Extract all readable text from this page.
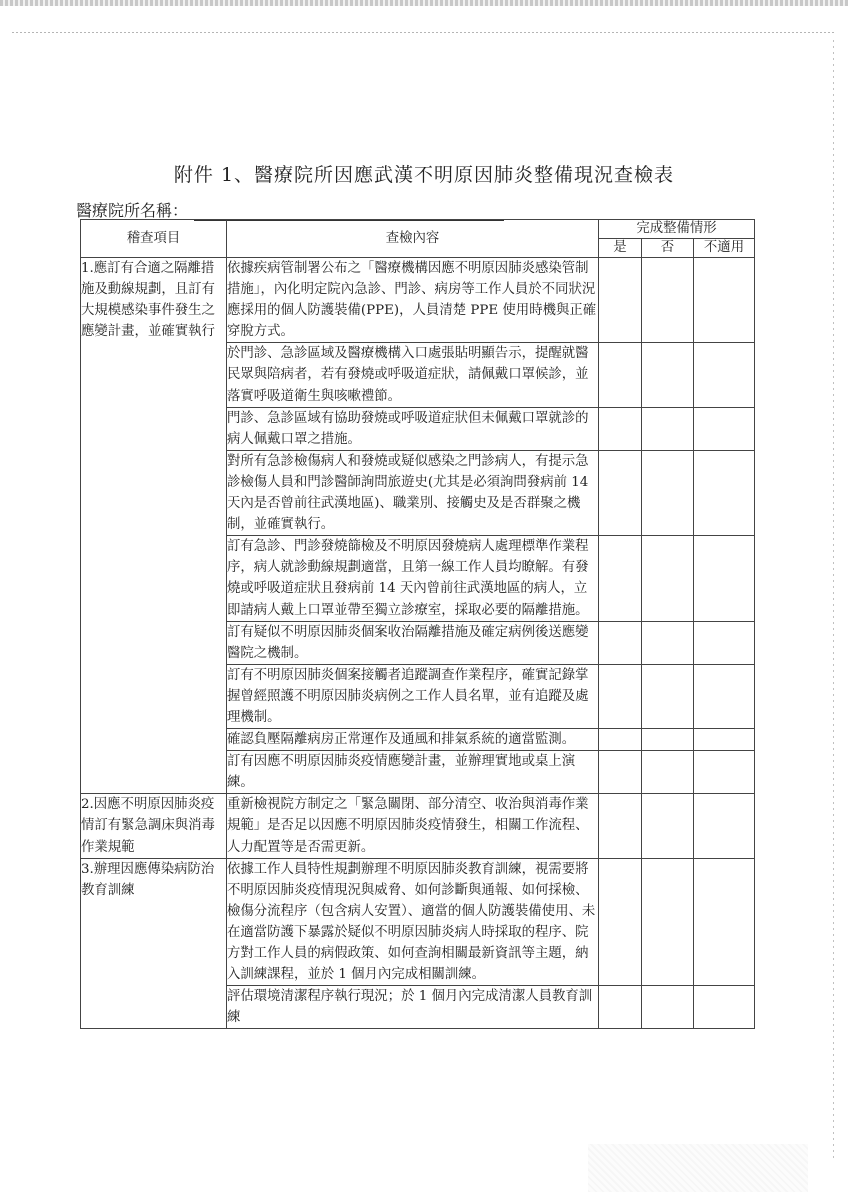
附件 1、醫療院所因應武漢不明原因肺炎整備現況查檢表
醫療院所名稱：
稽查項目	查檢內容	完成整備情形		
		是	否	不適用
1.應訂有合適之隔離措施及動線規劃，且訂有大規模感染事件發生之應變計畫，並確實執行	依據疾病管制署公布之「醫療機構因應不明原因肺炎感染管制措施」，內化明定院內急診、門診、病房等工作人員於不同狀況應採用的個人防護裝備(PPE)，人員清楚 PPE 使用時機與正確穿脫方式。			
	於門診、急診區域及醫療機構入口處張貼明顯告示，提醒就醫民眾與陪病者，若有發燒或呼吸道症狀，請佩戴口罩候診，並落實呼吸道衛生與咳嗽禮節。			
	門診、急診區域有協助發燒或呼吸道症狀但未佩戴口罩就診的病人佩戴口罩之措施。			
	對所有急診檢傷病人和發燒或疑似感染之門診病人，有提示急診檢傷人員和門診醫師詢問旅遊史(尤其是必須詢問發病前 14 天內是否曾前往武漢地區)、職業別、接觸史及是否群聚之機制，並確實執行。			
	訂有急診、門診發燒篩檢及不明原因發燒病人處理標準作業程序，病人就診動線規劃適當，且第一線工作人員均瞭解。有發燒或呼吸道症狀且發病前 14 天內曾前往武漢地區的病人，立即請病人戴上口罩並帶至獨立診療室，採取必要的隔離措施。			
	訂有疑似不明原因肺炎個案收治隔離措施及確定病例後送應變醫院之機制。			
	訂有不明原因肺炎個案接觸者追蹤調查作業程序，確實記錄掌握曾經照護不明原因肺炎病例之工作人員名單，並有追蹤及處理機制。			
	確認負壓隔離病房正常運作及通風和排氣系統的適當監測。			
	訂有因應不明原因肺炎疫情應變計畫，並辦理實地或桌上演練。			
2.因應不明原因肺炎疫情訂有緊急調床與消毒作業規範	重新檢視院方制定之「緊急關閉、部分清空、收治與消毒作業規範」是否足以因應不明原因肺炎疫情發生，相關工作流程、人力配置等是否需更新。			
3.辦理因應傳染病防治教育訓練	依據工作人員特性規劃辦理不明原因肺炎教育訓練，視需要將不明原因肺炎疫情現況與威脅、如何診斷與通報、如何採檢、檢傷分流程序（包含病人安置）、適當的個人防護裝備使用、未在適當防護下暴露於疑似不明原因肺炎病人時採取的程序、院方對工作人員的病假政策、如何查詢相關最新資訊等主題，納入訓練課程，並於 1 個月內完成相關訓練。			
	評估環境清潔程序執行現況；於 1 個月內完成清潔人員教育訓練			
